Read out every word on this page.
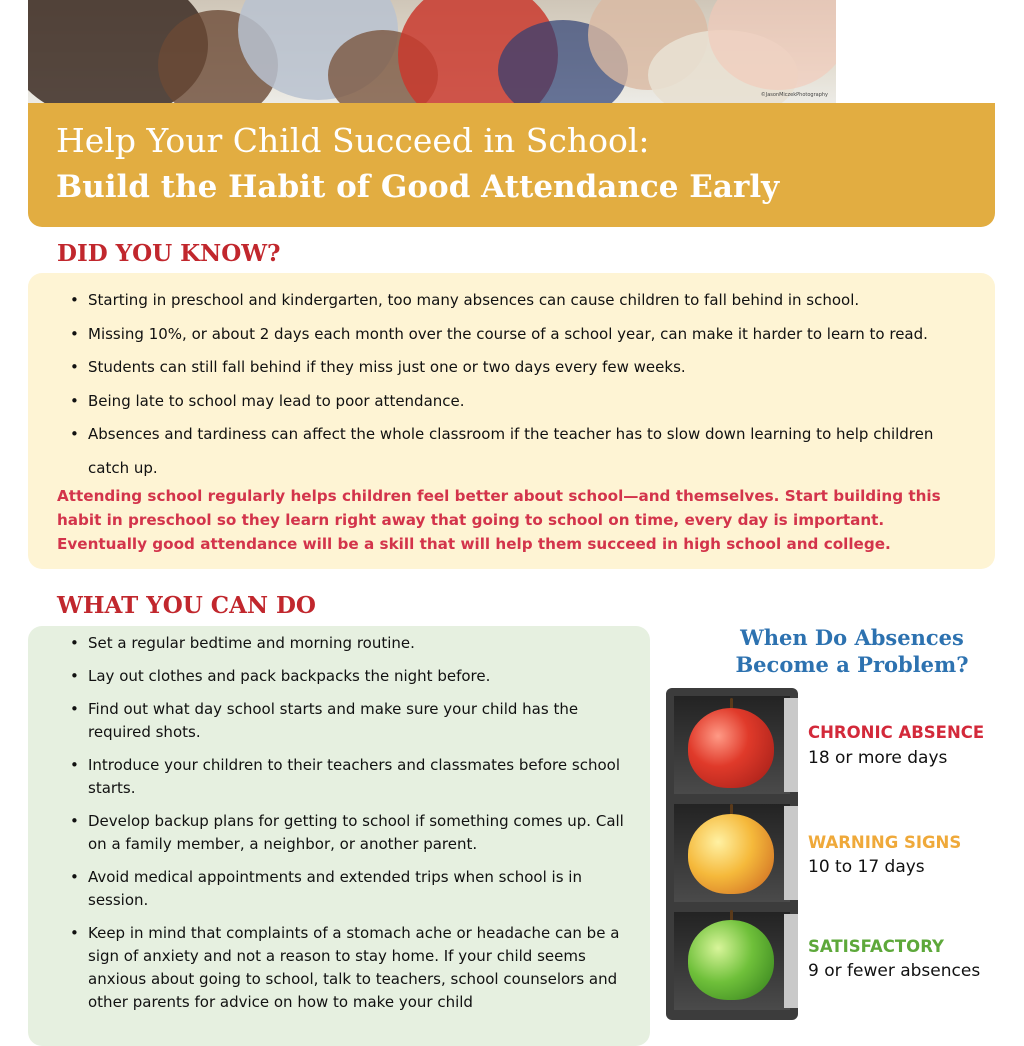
©JasonMiczekPhotography
Help Your Child Succeed in School:
Build the Habit of Good Attendance Early
DID YOU KNOW?
• Starting in preschool and kindergarten, too many absences can cause children to fall behind in school.
• Missing 10%, or about 2 days each month over the course of a school year, can make it harder to learn to read.
• Students can still fall behind if they miss just one or two days every few weeks.
• Being late to school may lead to poor attendance.
• Absences and tardiness can affect the whole classroom if the teacher has to slow down learning to help children catch up.
Attending school regularly helps children feel better about school—and themselves. Start building this habit in preschool so they learn right away that going to school on time, every day is important. Eventually good attendance will be a skill that will help them succeed in high school and college.
WHAT YOU CAN DO
• Set a regular bedtime and morning routine.
• Lay out clothes and pack backpacks the night before.
• Find out what day school starts and make sure your child has the required shots.
• Introduce your children to their teachers and classmates before school starts.
• Develop backup plans for getting to school if something comes up. Call on a family member, a neighbor, or another parent.
• Avoid medical appointments and extended trips when school is in session.
• Keep in mind that complaints of a stomach ache or headache can be a sign of anxiety and not a reason to stay home. If your child seems anxious about going to school, talk to teachers, school counselors and other parents for advice on how to make your child
When Do Absences
Become a Problem?
CHRONIC ABSENCE
18 or more days
WARNING SIGNS
10 to 17 days
SATISFACTORY
9 or fewer absences
